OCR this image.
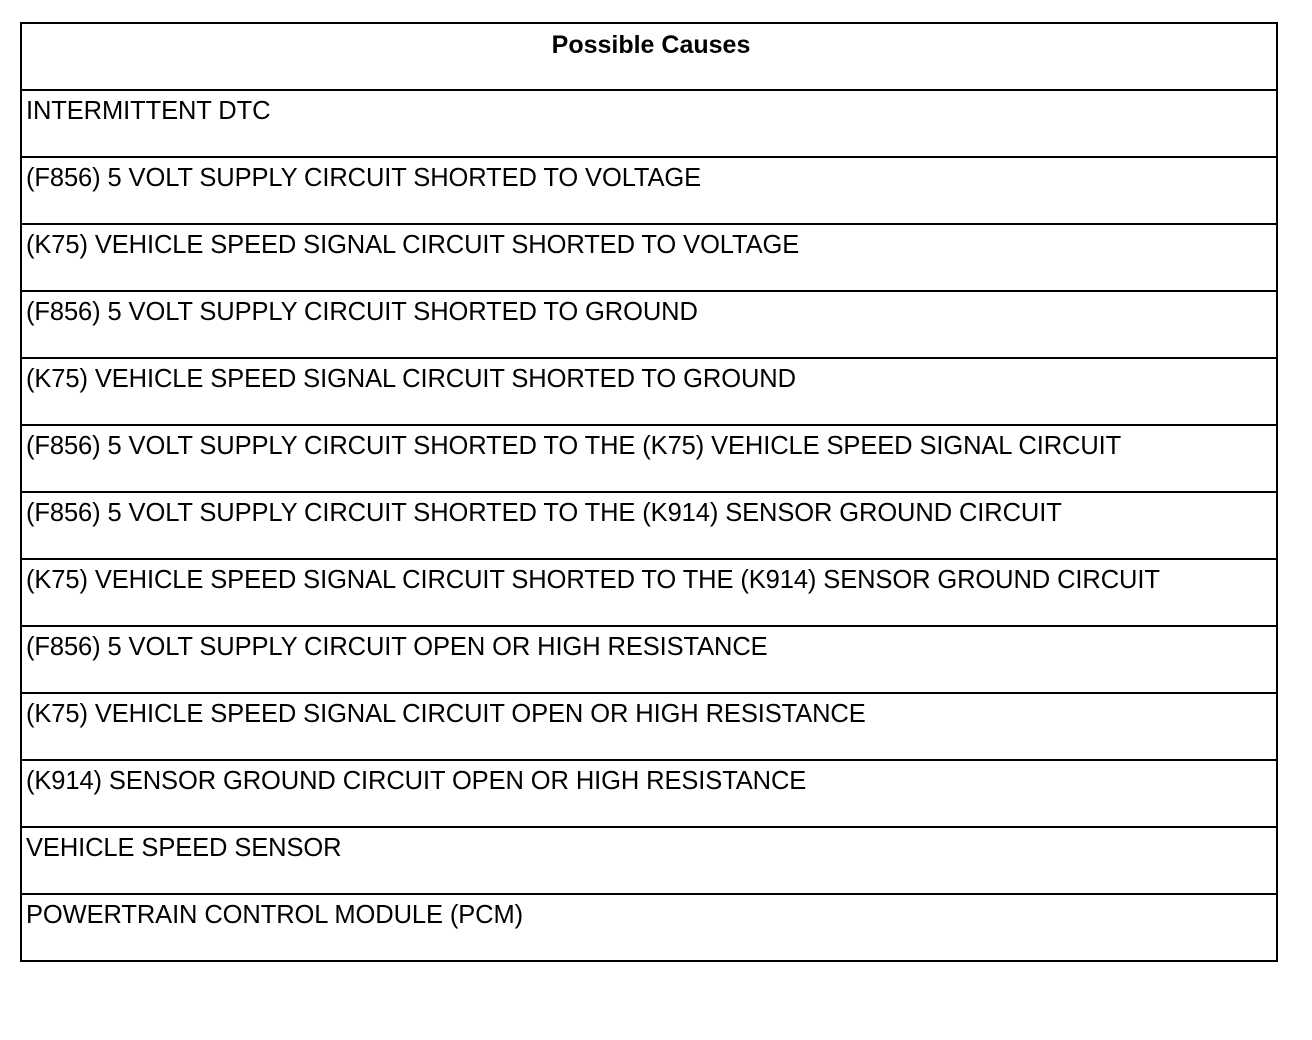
Possible Causes
INTERMITTENT DTC
(F856) 5 VOLT SUPPLY CIRCUIT SHORTED TO VOLTAGE
(K75) VEHICLE SPEED SIGNAL CIRCUIT SHORTED TO VOLTAGE
(F856) 5 VOLT SUPPLY CIRCUIT SHORTED TO GROUND
(K75) VEHICLE SPEED SIGNAL CIRCUIT SHORTED TO GROUND
(F856) 5 VOLT SUPPLY CIRCUIT SHORTED TO THE (K75) VEHICLE SPEED SIGNAL CIRCUIT
(F856) 5 VOLT SUPPLY CIRCUIT SHORTED TO THE (K914) SENSOR GROUND CIRCUIT
(K75) VEHICLE SPEED SIGNAL CIRCUIT SHORTED TO THE (K914) SENSOR GROUND CIRCUIT
(F856) 5 VOLT SUPPLY CIRCUIT OPEN OR HIGH RESISTANCE
(K75) VEHICLE SPEED SIGNAL CIRCUIT OPEN OR HIGH RESISTANCE
(K914) SENSOR GROUND CIRCUIT OPEN OR HIGH RESISTANCE
VEHICLE SPEED SENSOR
POWERTRAIN CONTROL MODULE (PCM)
